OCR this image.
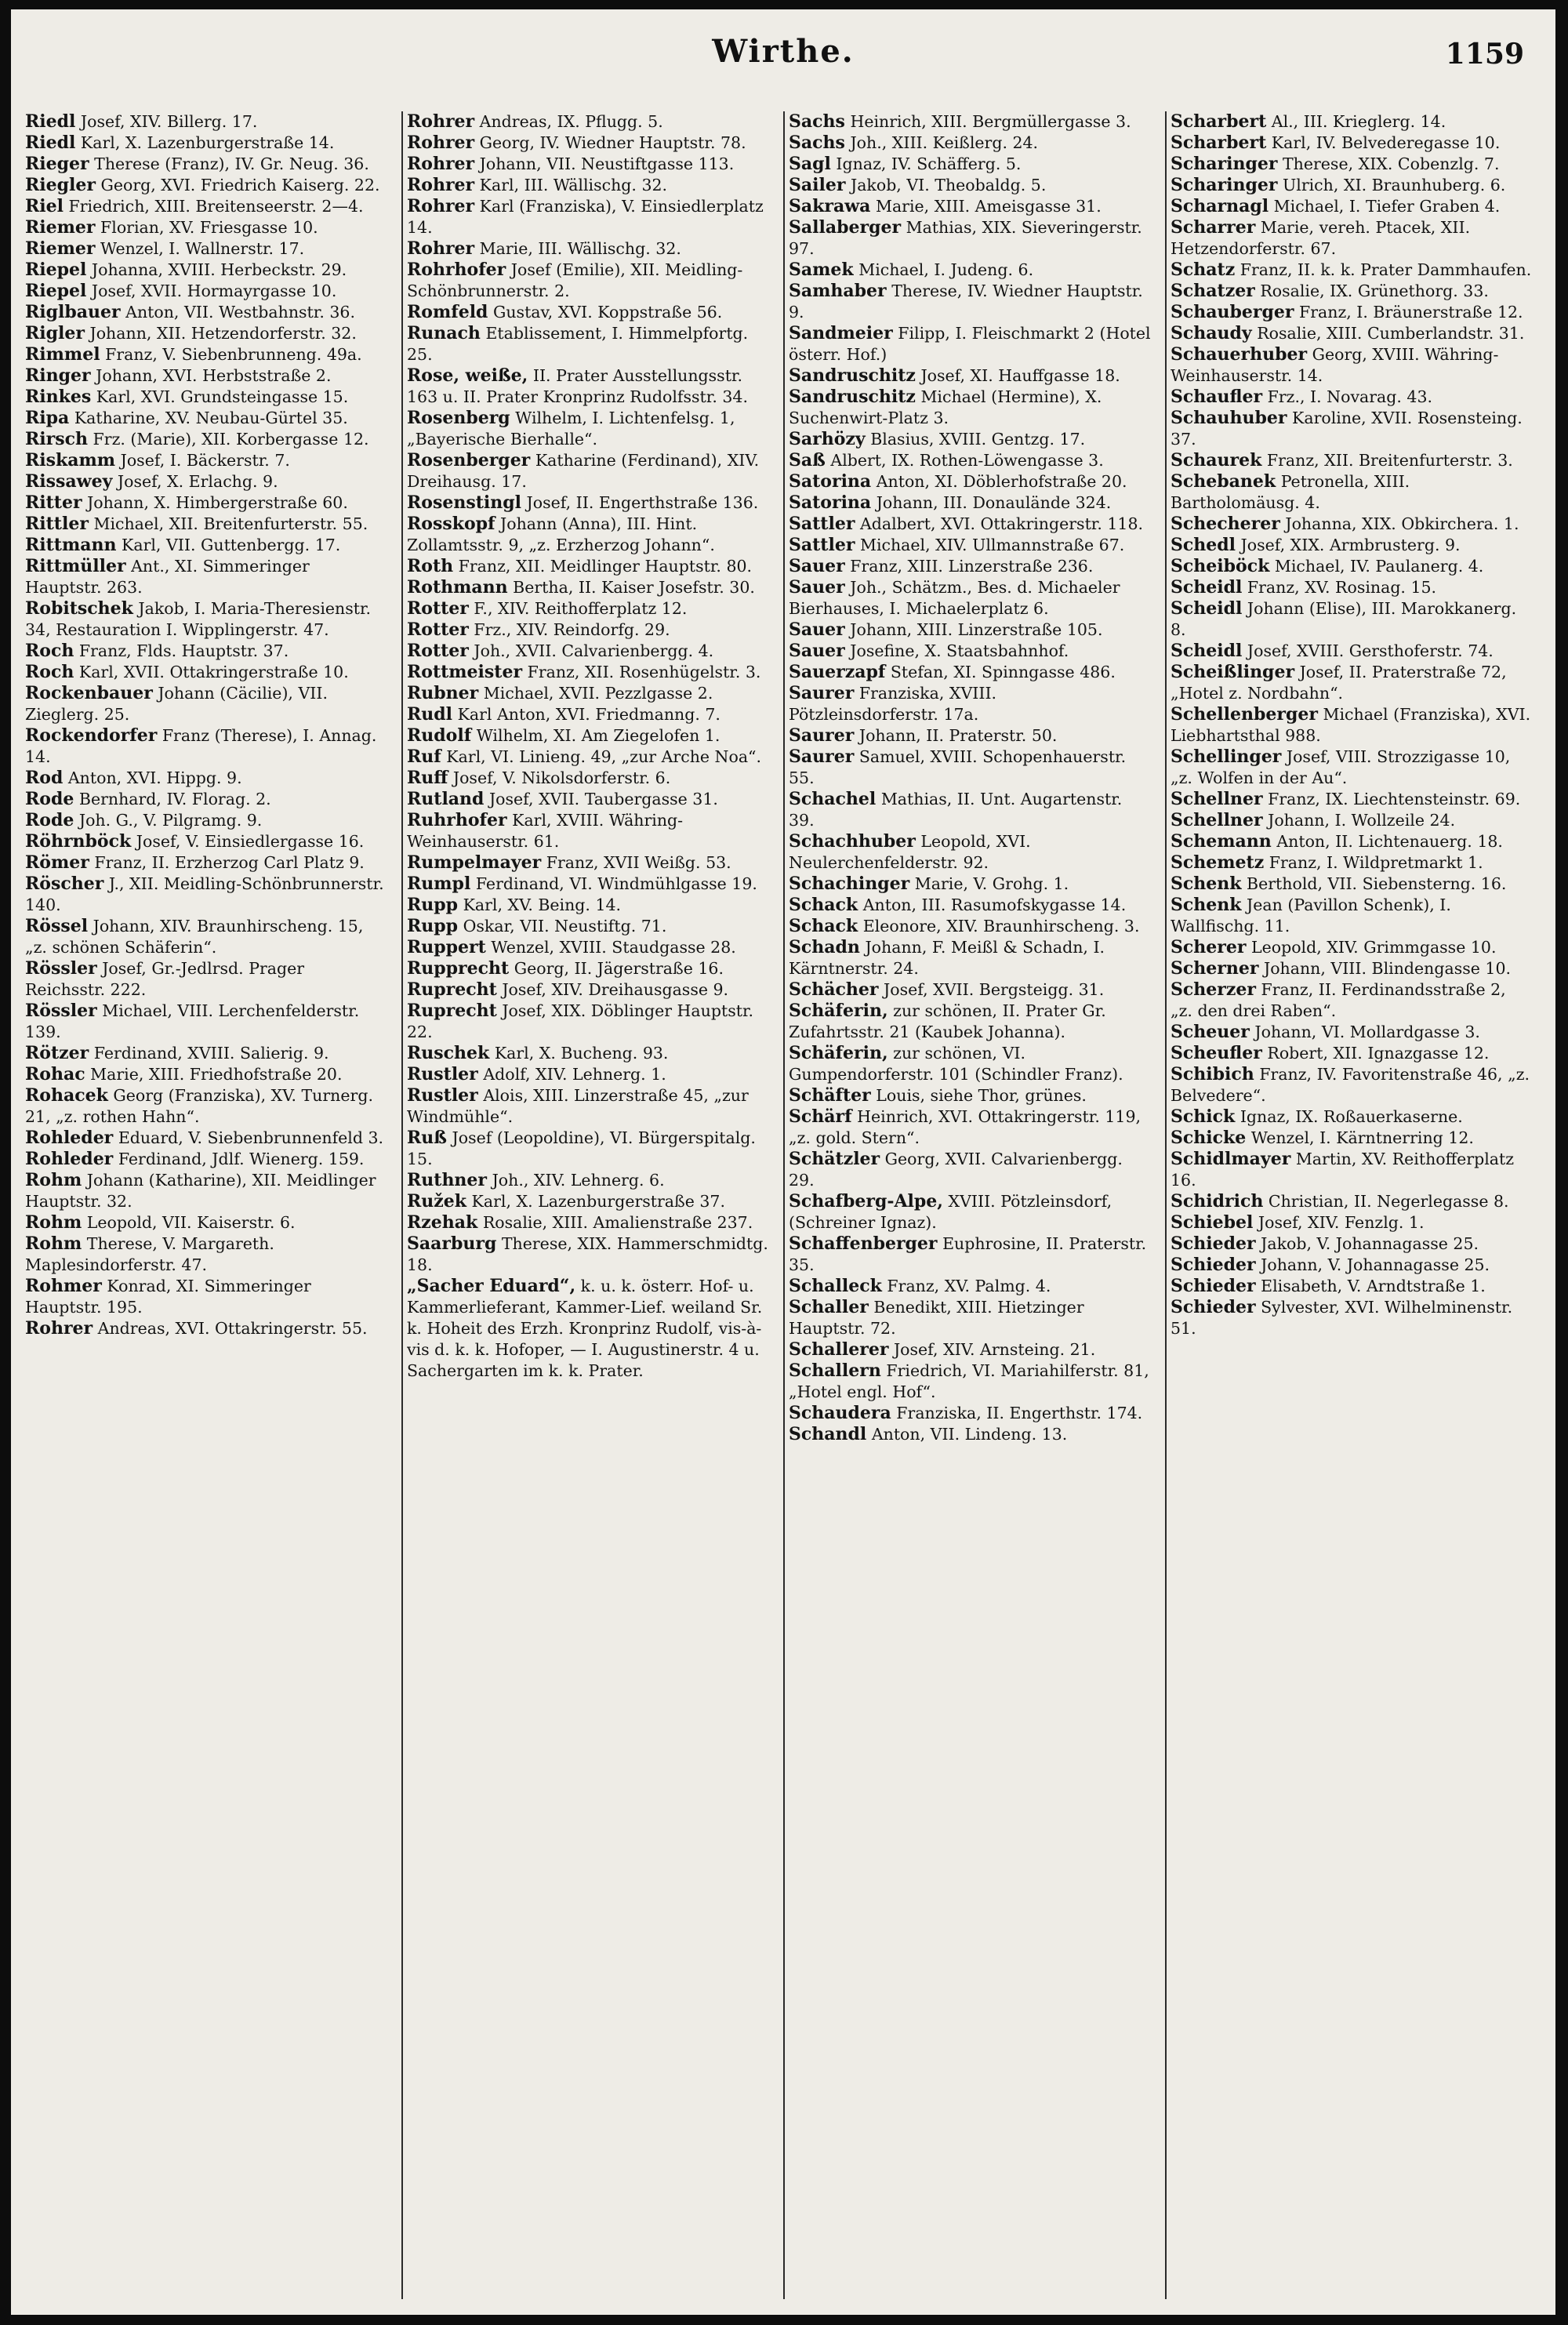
Wirthe.	1159
Riedl Josef, XIV. Billerg. 17.
Riedl Karl, X. Lazenburgerstraße 14.
Rieger Therese (Franz), IV. Gr. Neug. 36.
Riegler Georg, XVI. Friedrich Kaiserg. 22.
Riel Friedrich, XIII. Breitenseerstr. 2—4.
Riemer Florian, XV. Friesgasse 10.
Riemer Wenzel, I. Wallnerstr. 17.
Riepel Johanna, XVIII. Herbeckstr. 29.
Riepel Josef, XVII. Hormayrgasse 10.
Riglbauer Anton, VII. Westbahnstr. 36.
Rigler Johann, XII. Hetzendorferstr. 32.
Rimmel Franz, V. Siebenbrunneng. 49a.
Ringer Johann, XVI. Herbststraße 2.
Rinkes Karl, XVI. Grundsteingasse 15.
Ripa Katharine, XV. Neubau-Gürtel 35.
Rirsch Frz. (Marie), XII. Korbergasse 12.
Riskamm Josef, I. Bäckerstr. 7.
Rissawey Josef, X. Erlachg. 9.
Ritter Johann, X. Himbergerstraße 60.
Rittler Michael, XII. Breitenfurterstr. 55.
Rittmann Karl, VII. Guttenbergg. 17.
Rittmüller Ant., XI. Simmeringer Hauptstr. 263.
Robitschek Jakob, I. Maria-Theresienstr. 34, Restauration I. Wipplingerstr. 47.
Roch Franz, Flds. Hauptstr. 37.
Roch Karl, XVII. Ottakringerstraße 10.
Rockenbauer Johann (Cäcilie), VII. Zieglerg. 25.
Rockendorfer Franz (Therese), I. Annag. 14.
Rod Anton, XVI. Hippg. 9.
Rode Bernhard, IV. Florag. 2.
Rode Joh. G., V. Pilgramg. 9.
Röhrnböck Josef, V. Einsiedlergasse 16.
Römer Franz, II. Erzherzog Carl Platz 9.
Röscher J., XII. Meidling-Schönbrunnerstr. 140.
Rössel Johann, XIV. Braunhirscheng. 15, „z. schönen Schäferin“.
Rössler Josef, Gr.-Jedlrsd. Prager Reichsstr. 222.
Rössler Michael, VIII. Lerchenfelderstr. 139.
Rötzer Ferdinand, XVIII. Salierig. 9.
Rohac Marie, XIII. Friedhofstraße 20.
Rohacek Georg (Franziska), XV. Turnerg. 21, „z. rothen Hahn“.
Rohleder Eduard, V. Siebenbrunnenfeld 3.
Rohleder Ferdinand, Jdlf. Wienerg. 159.
Rohm Johann (Katharine), XII. Meidlinger Hauptstr. 32.
Rohm Leopold, VII. Kaiserstr. 6.
Rohm Therese, V. Margareth. Maplesindorferstr. 47.
Rohmer Konrad, XI. Simmeringer Hauptstr. 195.
Rohrer Andreas, XVI. Ottakringerstr. 55.
Rohrer Andreas, IX. Pflugg. 5.
Rohrer Georg, IV. Wiedner Hauptstr. 78.
Rohrer Johann, VII. Neustiftgasse 113.
Rohrer Karl, III. Wällischg. 32.
Rohrer Karl (Franziska), V. Einsiedlerplatz 14.
Rohrer Marie, III. Wällischg. 32.
Rohrhofer Josef (Emilie), XII. Meidling-Schönbrunnerstr. 2.
Romfeld Gustav, XVI. Koppstraße 56.
Runach Etablissement, I. Himmelpfortg. 25.
Rose, weiße, II. Prater Ausstellungsstr. 163 u. II. Prater Kronprinz Rudolfsstr. 34.
Rosenberg Wilhelm, I. Lichtenfelsg. 1, „Bayerische Bierhalle“.
Rosenberger Katharine (Ferdinand), XIV. Dreihausg. 17.
Rosenstingl Josef, II. Engerthstraße 136.
Rosskopf Johann (Anna), III. Hint. Zollamtsstr. 9, „z. Erzherzog Johann“.
Roth Franz, XII. Meidlinger Hauptstr. 80.
Rothmann Bertha, II. Kaiser Josefstr. 30.
Rotter F., XIV. Reithofferplatz 12.
Rotter Frz., XIV. Reindorfg. 29.
Rotter Joh., XVII. Calvarienbergg. 4.
Rottmeister Franz, XII. Rosenhügelstr. 3.
Rubner Michael, XVII. Pezzlgasse 2.
Rudl Karl Anton, XVI. Friedmanng. 7.
Rudolf Wilhelm, XI. Am Ziegelofen 1.
Ruf Karl, VI. Linieng. 49, „zur Arche Noa“.
Ruff Josef, V. Nikolsdorferstr. 6.
Rutland Josef, XVII. Taubergasse 31.
Ruhrhofer Karl, XVIII. Währing-Weinhauserstr. 61.
Rumpelmayer Franz, XVII Weißg. 53.
Rumpl Ferdinand, VI. Windmühlgasse 19.
Rupp Karl, XV. Being. 14.
Rupp Oskar, VII. Neustiftg. 71.
Ruppert Wenzel, XVIII. Staudgasse 28.
Rupprecht Georg, II. Jägerstraße 16.
Ruprecht Josef, XIV. Dreihausgasse 9.
Ruprecht Josef, XIX. Döblinger Hauptstr. 22.
Ruschek Karl, X. Bucheng. 93.
Rustler Adolf, XIV. Lehnerg. 1.
Rustler Alois, XIII. Linzerstraße 45, „zur Windmühle“.
Ruß Josef (Leopoldine), VI. Bürgerspitalg. 15.
Ruthner Joh., XIV. Lehnerg. 6.
Ružek Karl, X. Lazenburgerstraße 37.
Rzehak Rosalie, XIII. Amalienstraße 237.
Saarburg Therese, XIX. Hammerschmidtg. 18.
„Sacher Eduard“, k. u. k. österr. Hof- u. Kammerlieferant, Kammer-Lief. weiland Sr. k. Hoheit des Erzh. Kronprinz Rudolf, vis-à-vis d. k. k. Hofoper, — I. Augustinerstr. 4 u. Sachergarten im k. k. Prater.
Sachs Heinrich, XIII. Bergmüllergasse 3.
Sachs Joh., XIII. Keißlerg. 24.
Sagl Ignaz, IV. Schäfferg. 5.
Sailer Jakob, VI. Theobaldg. 5.
Sakrawa Marie, XIII. Ameisgasse 31.
Sallaberger Mathias, XIX. Sieveringerstr. 97.
Samek Michael, I. Judeng. 6.
Samhaber Therese, IV. Wiedner Hauptstr. 9.
Sandmeier Filipp, I. Fleischmarkt 2 (Hotel österr. Hof.)
Sandruschitz Josef, XI. Hauffgasse 18.
Sandruschitz Michael (Hermine), X. Suchenwirt-Platz 3.
Sarhözy Blasius, XVIII. Gentzg. 17.
Saß Albert, IX. Rothen-Löwengasse 3.
Satorina Anton, XI. Döblerhofstraße 20.
Satorina Johann, III. Donaulände 324.
Sattler Adalbert, XVI. Ottakringerstr. 118.
Sattler Michael, XIV. Ullmannstraße 67.
Sauer Franz, XIII. Linzerstraße 236.
Sauer Joh., Schätzm., Bes. d. Michaeler Bierhauses, I. Michaelerplatz 6.
Sauer Johann, XIII. Linzerstraße 105.
Sauer Josefine, X. Staatsbahnhof.
Sauerzapf Stefan, XI. Spinngasse 486.
Saurer Franziska, XVIII. Pötzleinsdorferstr. 17a.
Saurer Johann, II. Praterstr. 50.
Saurer Samuel, XVIII. Schopenhauerstr. 55.
Schachel Mathias, II. Unt. Augartenstr. 39.
Schachhuber Leopold, XVI. Neulerchenfelderstr. 92.
Schachinger Marie, V. Grohg. 1.
Schack Anton, III. Rasumofskygasse 14.
Schack Eleonore, XIV. Braunhirscheng. 3.
Schadn Johann, F. Meißl & Schadn, I. Kärntnerstr. 24.
Schächer Josef, XVII. Bergsteigg. 31.
Schäferin, zur schönen, II. Prater Gr. Zufahrtsstr. 21 (Kaubek Johanna).
Schäferin, zur schönen, VI. Gumpendorferstr. 101 (Schindler Franz).
Schäfter Louis, siehe Thor, grünes.
Schärf Heinrich, XVI. Ottakringerstr. 119, „z. gold. Stern“.
Schätzler Georg, XVII. Calvarienbergg. 29.
Schafberg-Alpe, XVIII. Pötzleinsdorf, (Schreiner Ignaz).
Schaffenberger Euphrosine, II. Praterstr. 35.
Schalleck Franz, XV. Palmg. 4.
Schaller Benedikt, XIII. Hietzinger Hauptstr. 72.
Schallerer Josef, XIV. Arnsteing. 21.
Schallern Friedrich, VI. Mariahilferstr. 81, „Hotel engl. Hof“.
Schaudera Franziska, II. Engerthstr. 174.
Schandl Anton, VII. Lindeng. 13.
Scharbert Al., III. Krieglerg. 14.
Scharbert Karl, IV. Belvederegasse 10.
Scharinger Therese, XIX. Cobenzlg. 7.
Scharinger Ulrich, XI. Braunhuberg. 6.
Scharnagl Michael, I. Tiefer Graben 4.
Scharrer Marie, vereh. Ptacek, XII. Hetzendorferstr. 67.
Schatz Franz, II. k. k. Prater Dammhaufen.
Schatzer Rosalie, IX. Grünethorg. 33.
Schauberger Franz, I. Bräunerstraße 12.
Schaudy Rosalie, XIII. Cumberlandstr. 31.
Schauerhuber Georg, XVIII. Währing-Weinhauserstr. 14.
Schaufler Frz., I. Novarag. 43.
Schauhuber Karoline, XVII. Rosensteing. 37.
Schaurek Franz, XII. Breitenfurterstr. 3.
Schebanek Petronella, XIII. Bartholomäusg. 4.
Schecherer Johanna, XIX. Obkirchera. 1.
Schedl Josef, XIX. Armbrusterg. 9.
Scheiböck Michael, IV. Paulanerg. 4.
Scheidl Franz, XV. Rosinag. 15.
Scheidl Johann (Elise), III. Marokkanerg. 8.
Scheidl Josef, XVIII. Gersthoferstr. 74.
Scheißlinger Josef, II. Praterstraße 72, „Hotel z. Nordbahn“.
Schellenberger Michael (Franziska), XVI. Liebhartsthal 988.
Schellinger Josef, VIII. Strozzigasse 10, „z. Wolfen in der Au“.
Schellner Franz, IX. Liechtensteinstr. 69.
Schellner Johann, I. Wollzeile 24.
Schemann Anton, II. Lichtenauerg. 18.
Schemetz Franz, I. Wildpretmarkt 1.
Schenk Berthold, VII. Siebensterng. 16.
Schenk Jean (Pavillon Schenk), I. Wallfischg. 11.
Scherer Leopold, XIV. Grimmgasse 10.
Scherner Johann, VIII. Blindengasse 10.
Scherzer Franz, II. Ferdinandsstraße 2, „z. den drei Raben“.
Scheuer Johann, VI. Mollardgasse 3.
Scheufler Robert, XII. Ignazgasse 12.
Schibich Franz, IV. Favoritenstraße 46, „z. Belvedere“.
Schick Ignaz, IX. Roßauerkaserne.
Schicke Wenzel, I. Kärntnerring 12.
Schidlmayer Martin, XV. Reithofferplatz 16.
Schidrich Christian, II. Negerlegasse 8.
Schiebel Josef, XIV. Fenzlg. 1.
Schieder Jakob, V. Johannagasse 25.
Schieder Johann, V. Johannagasse 25.
Schieder Elisabeth, V. Arndtstraße 1.
Schieder Sylvester, XVI. Wilhelminenstr. 51.
